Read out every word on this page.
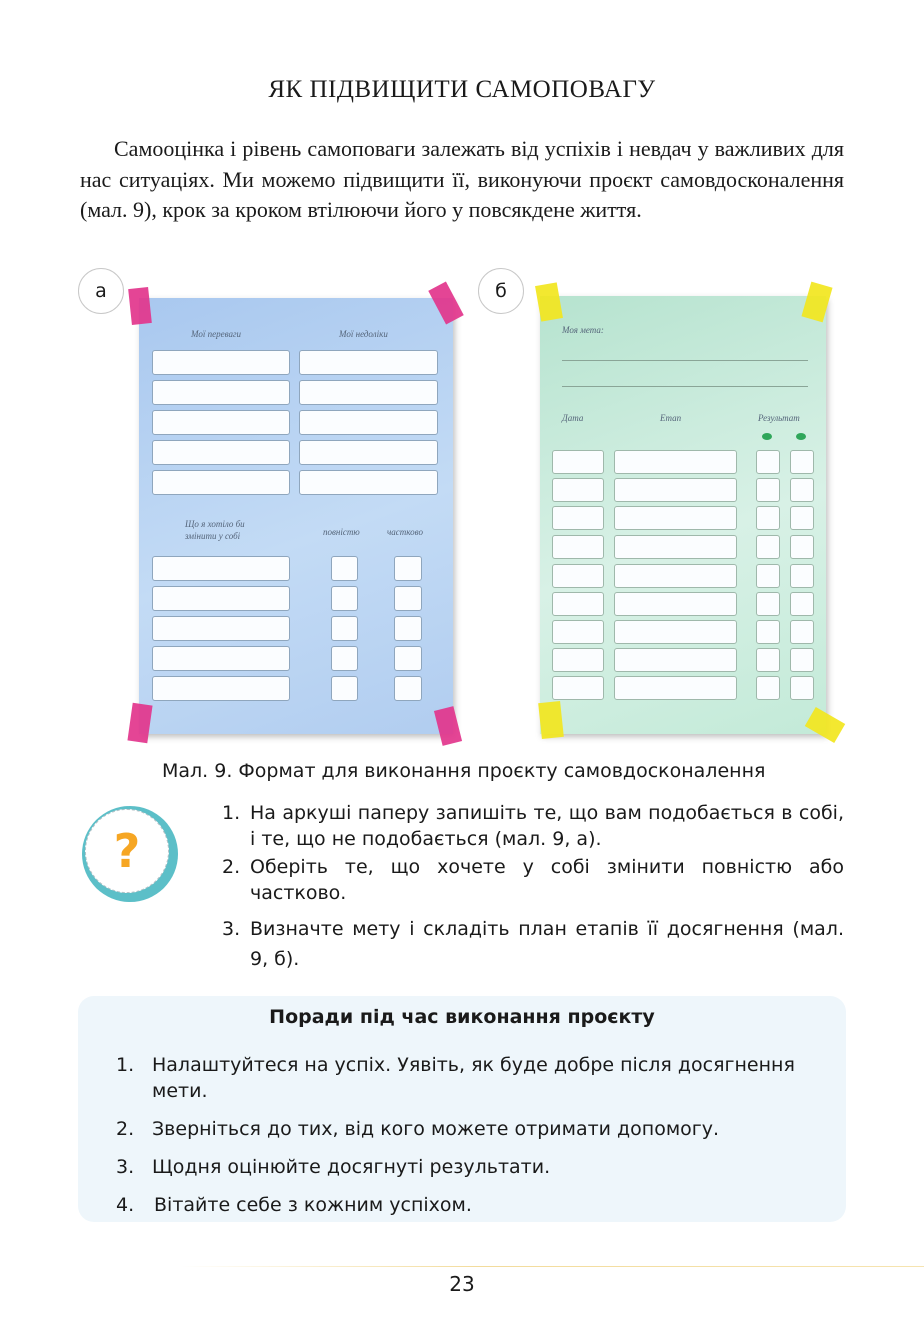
ЯК ПІДВИЩИТИ САМОПОВАГУ

Самооцінка і рівень самоповаги залежать від успіхів і невдач у важливих для нас ситуаціях. Ми можемо підвищити її, виконуючи проєкт самовдосконалення (мал. 9), крок за кроком втілюючи його у повсякдене життя.

а
Мої переваги	Мої недоліки
Що я хотіло би змінити у собі	повністю	частково
б
Моя мета:
Дата	Етап	Результат
Мал. 9. Формат для виконання проєкту самовдосконалення
?
1. На аркуші паперу запишіть те, що вам подобається в собі, і те, що не подобається (мал. 9, а).
2. Оберіть те, що хочете у собі змінити повністю або частково.
3. Визначте мету і складіть план етапів її досягнення (мал. 9, б).
Поради під час виконання проєкту
1. Налаштуйтеся на успіх. Уявіть, як буде добре після досягнення мети.
2. Зверніться до тих, від кого можете отримати допомогу.
3. Щодня оцінюйте досягнуті результати.
4. Вітайте себе з кожним успіхом.
23
